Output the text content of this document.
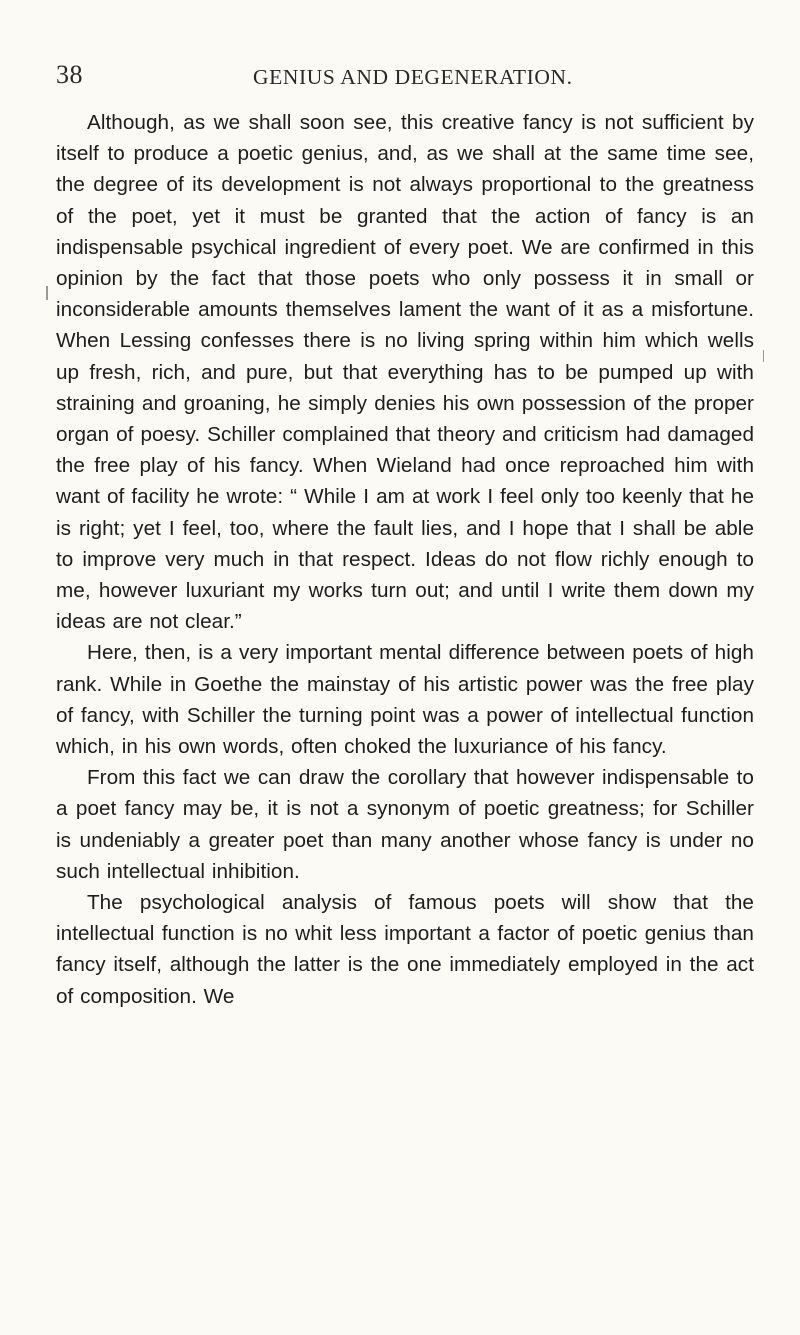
38	GENIUS AND DEGENERATION.

Although, as we shall soon see, this creative fancy is not sufficient by itself to produce a poetic genius, and, as we shall at the same time see, the degree of its development is not always proportional to the greatness of the poet, yet it must be granted that the action of fancy is an indispensable psychical ingredient of every poet. We are confirmed in this opinion by the fact that those poets who only possess it in small or inconsiderable amounts themselves lament the want of it as a misfortune. When Lessing confesses there is no living spring within him which wells up fresh, rich, and pure, but that everything has to be pumped up with straining and groaning, he simply denies his own possession of the proper organ of poesy. Schiller complained that theory and criticism had damaged the free play of his fancy. When Wieland had once reproached him with want of facility he wrote: “ While I am at work I feel only too keenly that he is right; yet I feel, too, where the fault lies, and I hope that I shall be able to improve very much in that respect. Ideas do not flow richly enough to me, however luxuriant my works turn out; and until I write them down my ideas are not clear.”

Here, then, is a very important mental difference between poets of high rank. While in Goethe the mainstay of his artistic power was the free play of fancy, with Schiller the turning point was a power of intellectual function which, in his own words, often choked the luxuriance of his fancy.

From this fact we can draw the corollary that however indispensable to a poet fancy may be, it is not a synonym of poetic greatness; for Schiller is undeniably a greater poet than many another whose fancy is under no such intellectual inhibition.

The psychological analysis of famous poets will show that the intellectual function is no whit less important a factor of poetic genius than fancy itself, although the latter is the one immediately employed in the act of composition. We
